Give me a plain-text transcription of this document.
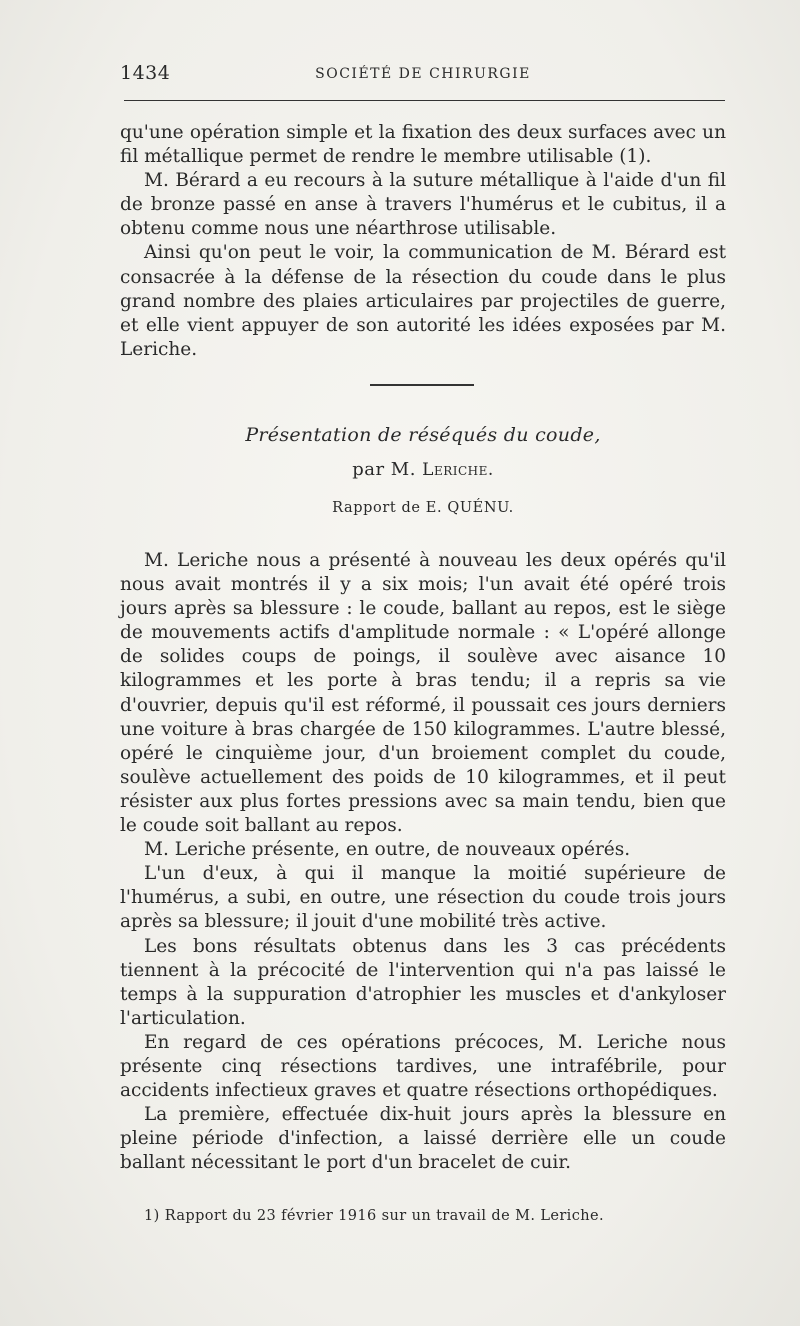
1434	SOCIÉTÉ DE CHIRURGIE

qu'une opération simple et la fixation des deux surfaces avec un fil métallique permet de rendre le membre utilisable (1).

M. Bérard a eu recours à la suture métallique à l'aide d'un fil de bronze passé en anse à travers l'humérus et le cubitus, il a obtenu comme nous une néarthrose utilisable.

Ainsi qu'on peut le voir, la communication de M. Bérard est consacrée à la défense de la résection du coude dans le plus grand nombre des plaies articulaires par projectiles de guerre, et elle vient appuyer de son autorité les idées exposées par M. Leriche.

Présentation de réséqués du coude,
par M. Leriche.
Rapport de E. QUÉNU.

M. Leriche nous a présenté à nouveau les deux opérés qu'il nous avait montrés il y a six mois; l'un avait été opéré trois jours après sa blessure : le coude, ballant au repos, est le siège de mouvements actifs d'amplitude normale : « L'opéré allonge de solides coups de poings, il soulève avec aisance 10 kilogrammes et les porte à bras tendu; il a repris sa vie d'ouvrier, depuis qu'il est réformé, il poussait ces jours derniers une voiture à bras chargée de 150 kilogrammes. L'autre blessé, opéré le cinquième jour, d'un broiement complet du coude, soulève actuellement des poids de 10 kilogrammes, et il peut résister aux plus fortes pressions avec sa main tendu, bien que le coude soit ballant au repos.

M. Leriche présente, en outre, de nouveaux opérés.

L'un d'eux, à qui il manque la moitié supérieure de l'humérus, a subi, en outre, une résection du coude trois jours après sa blessure; il jouit d'une mobilité très active.

Les bons résultats obtenus dans les 3 cas précédents tiennent à la précocité de l'intervention qui n'a pas laissé le temps à la suppuration d'atrophier les muscles et d'ankyloser l'articulation.

En regard de ces opérations précoces, M. Leriche nous présente cinq résections tardives, une intrafébrile, pour accidents infectieux graves et quatre résections orthopédiques.

La première, effectuée dix-huit jours après la blessure en pleine période d'infection, a laissé derrière elle un coude ballant nécessitant le port d'un bracelet de cuir.

1) Rapport du 23 février 1916 sur un travail de M. Leriche.
